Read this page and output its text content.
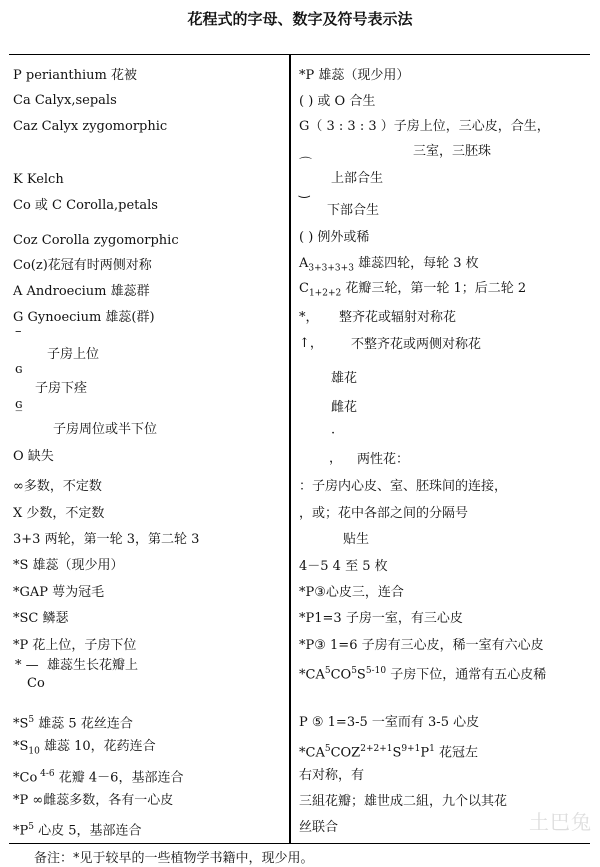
花程式的字母、数字及符号表示法
P perianthium 花被
Ca Calyx,sepals
Caz Calyx zygomorphic
K Kelch
Co 或 C Corolla,petals
Coz Corolla zygomorphic
Co(z)花冠有时两侧对称
A Androecium 雄蕊群
G Gynoecium 雄蕊(群)
–
子房上位
ɢ
子房下痊
ɢ̲
子房周位或半下位
O 缺失
∞多数，不定数
X 少数，不定数
3+3 两轮，第一轮 3，第二轮 3
*S 雄蕊（现少用）
*GAP 萼为冠毛
*SC 鳞瑟
*P 花上位，子房下位
* — 雄蕊生长花瓣上
Co
$*S^5$ 雄蕊 5 花丝连合
$*S_{10}$ 雄蕊 10，花药连合
*Co $^{4-6}$ 花瓣 4－6，基部连合
*P ∞雌蕊多数，各有一心皮
$*P^5$ 心皮 5，基部连合
*P 雄蕊（现少用）
( ) 或 O 合生
G（ 3 : 3 : 3 ）子房上位，三心皮，合生，
三室，三胚珠
⌒
上部合生
‿
下部合生
( ) 例外或稀
$A_{3+3+3+3}$ 雄蕊四轮，每轮 3 枚
$C_{1+2+2}$ 花瓣三轮，第一轮 1；后二轮 2
*， 整齐花或辐射对称花
↑， 不整齐花或两侧对称花
雄花
雌花
·
， 两性花：
：子房内心皮、室、胚珠间的连接，
，或；花中各部之间的分隔号
贴生
4－5 4 至 5 枚
*P③心皮三，连合
*P1=3 子房一室，有三心皮
*P③ 1=6 子房有三心皮，稀一室有六心皮
$*CA^5CO^5S^{5-10}$ 子房下位，通常有五心皮稀
P ⑤ 1=3-5 一室而有 3-5 心皮
$*CA^5COZ^{2+2+1}S^{9+1}P^1$ 花冠左
右对称，有
三組花瓣；雄世成二組，九个以其花
丝联合	土巴兔
备注：*见于较早的一些植物学书籍中，现少用。
